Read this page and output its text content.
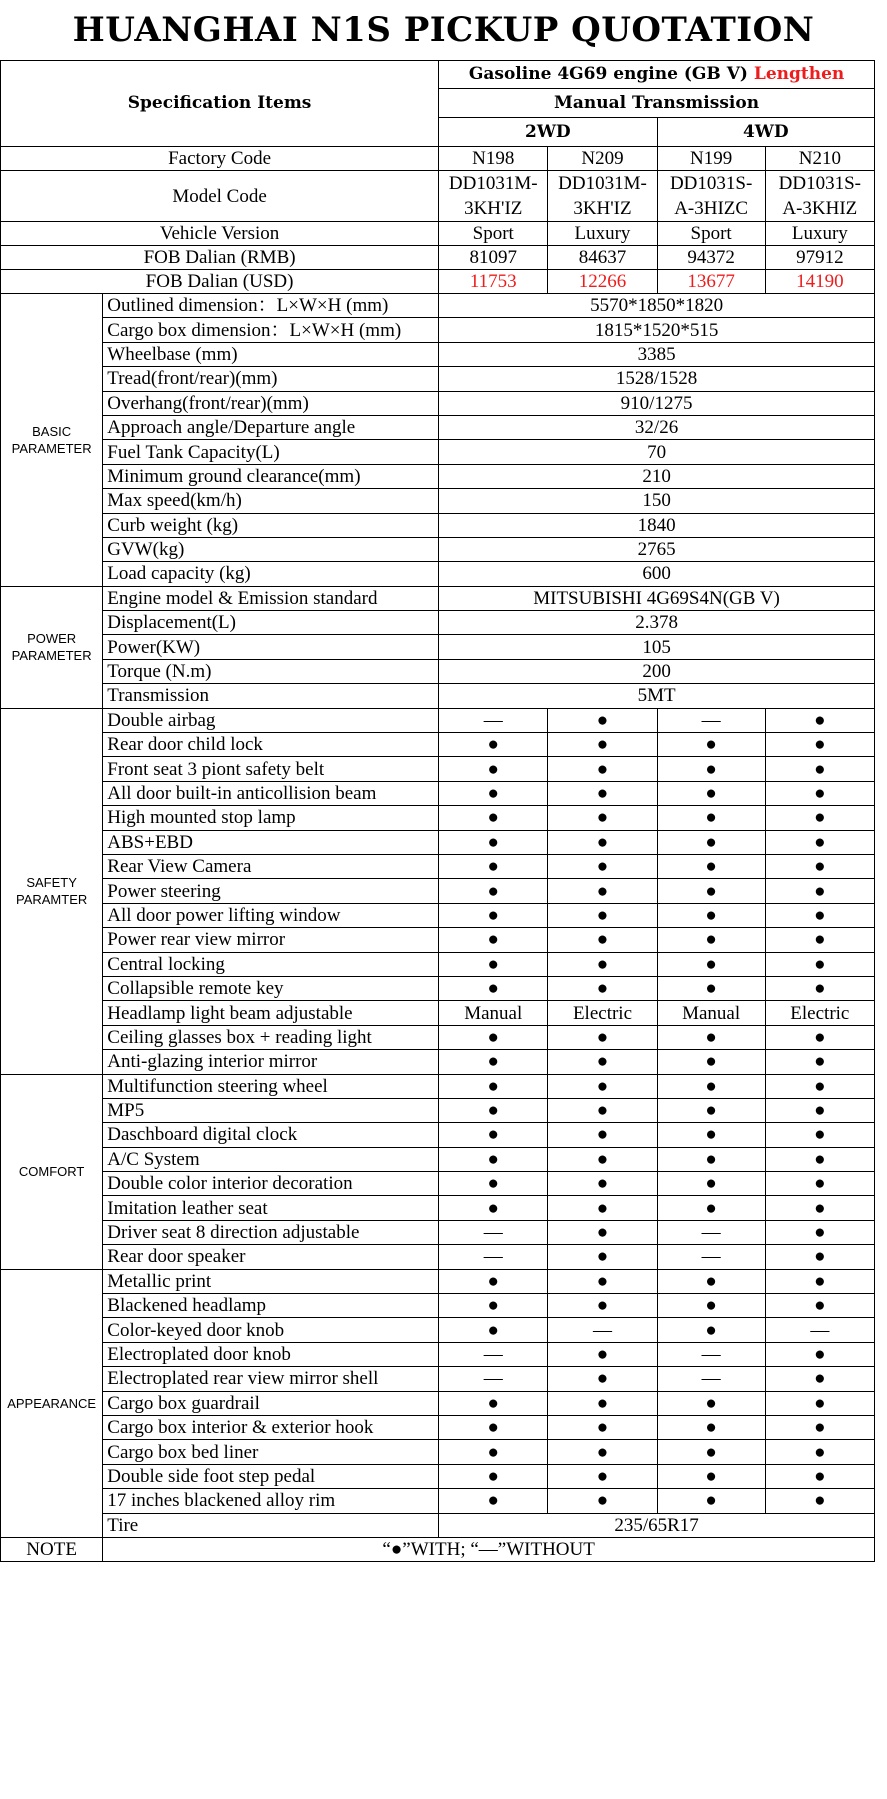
HUANGHAI N1S PICKUP QUOTATION
Specification Items		Gasoline 4G69 engine (GB V) Lengthen			
		Manual Transmission			
		2WD		4WD	
Factory Code		N198	N209	N199	N210
Model Code		DD1031M-3KH'IZ	DD1031M-3KH'IZ	DD1031S-A-3HIZC	DD1031S-A-3KHIZ
Vehicle Version		Sport	Luxury	Sport	Luxury
FOB Dalian (RMB)		81097	84637	94372	97912
FOB Dalian (USD)		11753	12266	13677	14190
BASIC PARAMETER	Outlined dimension：L×W×H (mm)	5570*1850*1820			
	Cargo box dimension：L×W×H (mm)	1815*1520*515			
	Wheelbase (mm)	3385			
	Tread(front/rear)(mm)	1528/1528			
	Overhang(front/rear)(mm)	910/1275			
	Approach angle/Departure angle	32/26			
	Fuel Tank Capacity(L)	70			
	Minimum ground clearance(mm)	210			
	Max speed(km/h)	150			
	Curb weight (kg)	1840			
	GVW(kg)	2765			
	Load capacity (kg)	600			
POWER PARAMETER	Engine model & Emission standard	MITSUBISHI 4G69S4N(GB V)			
	Displacement(L)	2.378			
	Power(KW)	105			
	Torque (N.m)	200			
	Transmission	5MT			
SAFETY PARAMTER	Double airbag	—	●	—	●
	Rear door child lock	●	●	●	●
	Front seat 3 piont safety belt	●	●	●	●
	All door built-in anticollision beam	●	●	●	●
	High mounted stop lamp	●	●	●	●
	ABS+EBD	●	●	●	●
	Rear View Camera	●	●	●	●
	Power steering	●	●	●	●
	All door power lifting window	●	●	●	●
	Power rear view mirror	●	●	●	●
	Central locking	●	●	●	●
	Collapsible remote key	●	●	●	●
	Headlamp light beam adjustable	Manual	Electric	Manual	Electric
	Ceiling glasses box + reading light	●	●	●	●
	Anti-glazing interior mirror	●	●	●	●
COMFORT	Multifunction steering wheel	●	●	●	●
	MP5	●	●	●	●
	Daschboard digital clock	●	●	●	●
	A/C System	●	●	●	●
	Double color interior decoration	●	●	●	●
	Imitation leather seat	●	●	●	●
	Driver seat 8 direction adjustable	—	●	—	●
	Rear door speaker	—	●	—	●
APPEARANCE	Metallic print	●	●	●	●
	Blackened headlamp	●	●	●	●
	Color-keyed door knob	●	—	●	—
	Electroplated door knob	—	●	—	●
	Electroplated rear view mirror shell	—	●	—	●
	Cargo box guardrail	●	●	●	●
	Cargo box interior & exterior hook	●	●	●	●
	Cargo box bed liner	●	●	●	●
	Double side foot step pedal	●	●	●	●
	17 inches blackened alloy rim	●	●	●	●
	Tire	235/65R17			
NOTE	“●”WITH; “—”WITHOUT				
